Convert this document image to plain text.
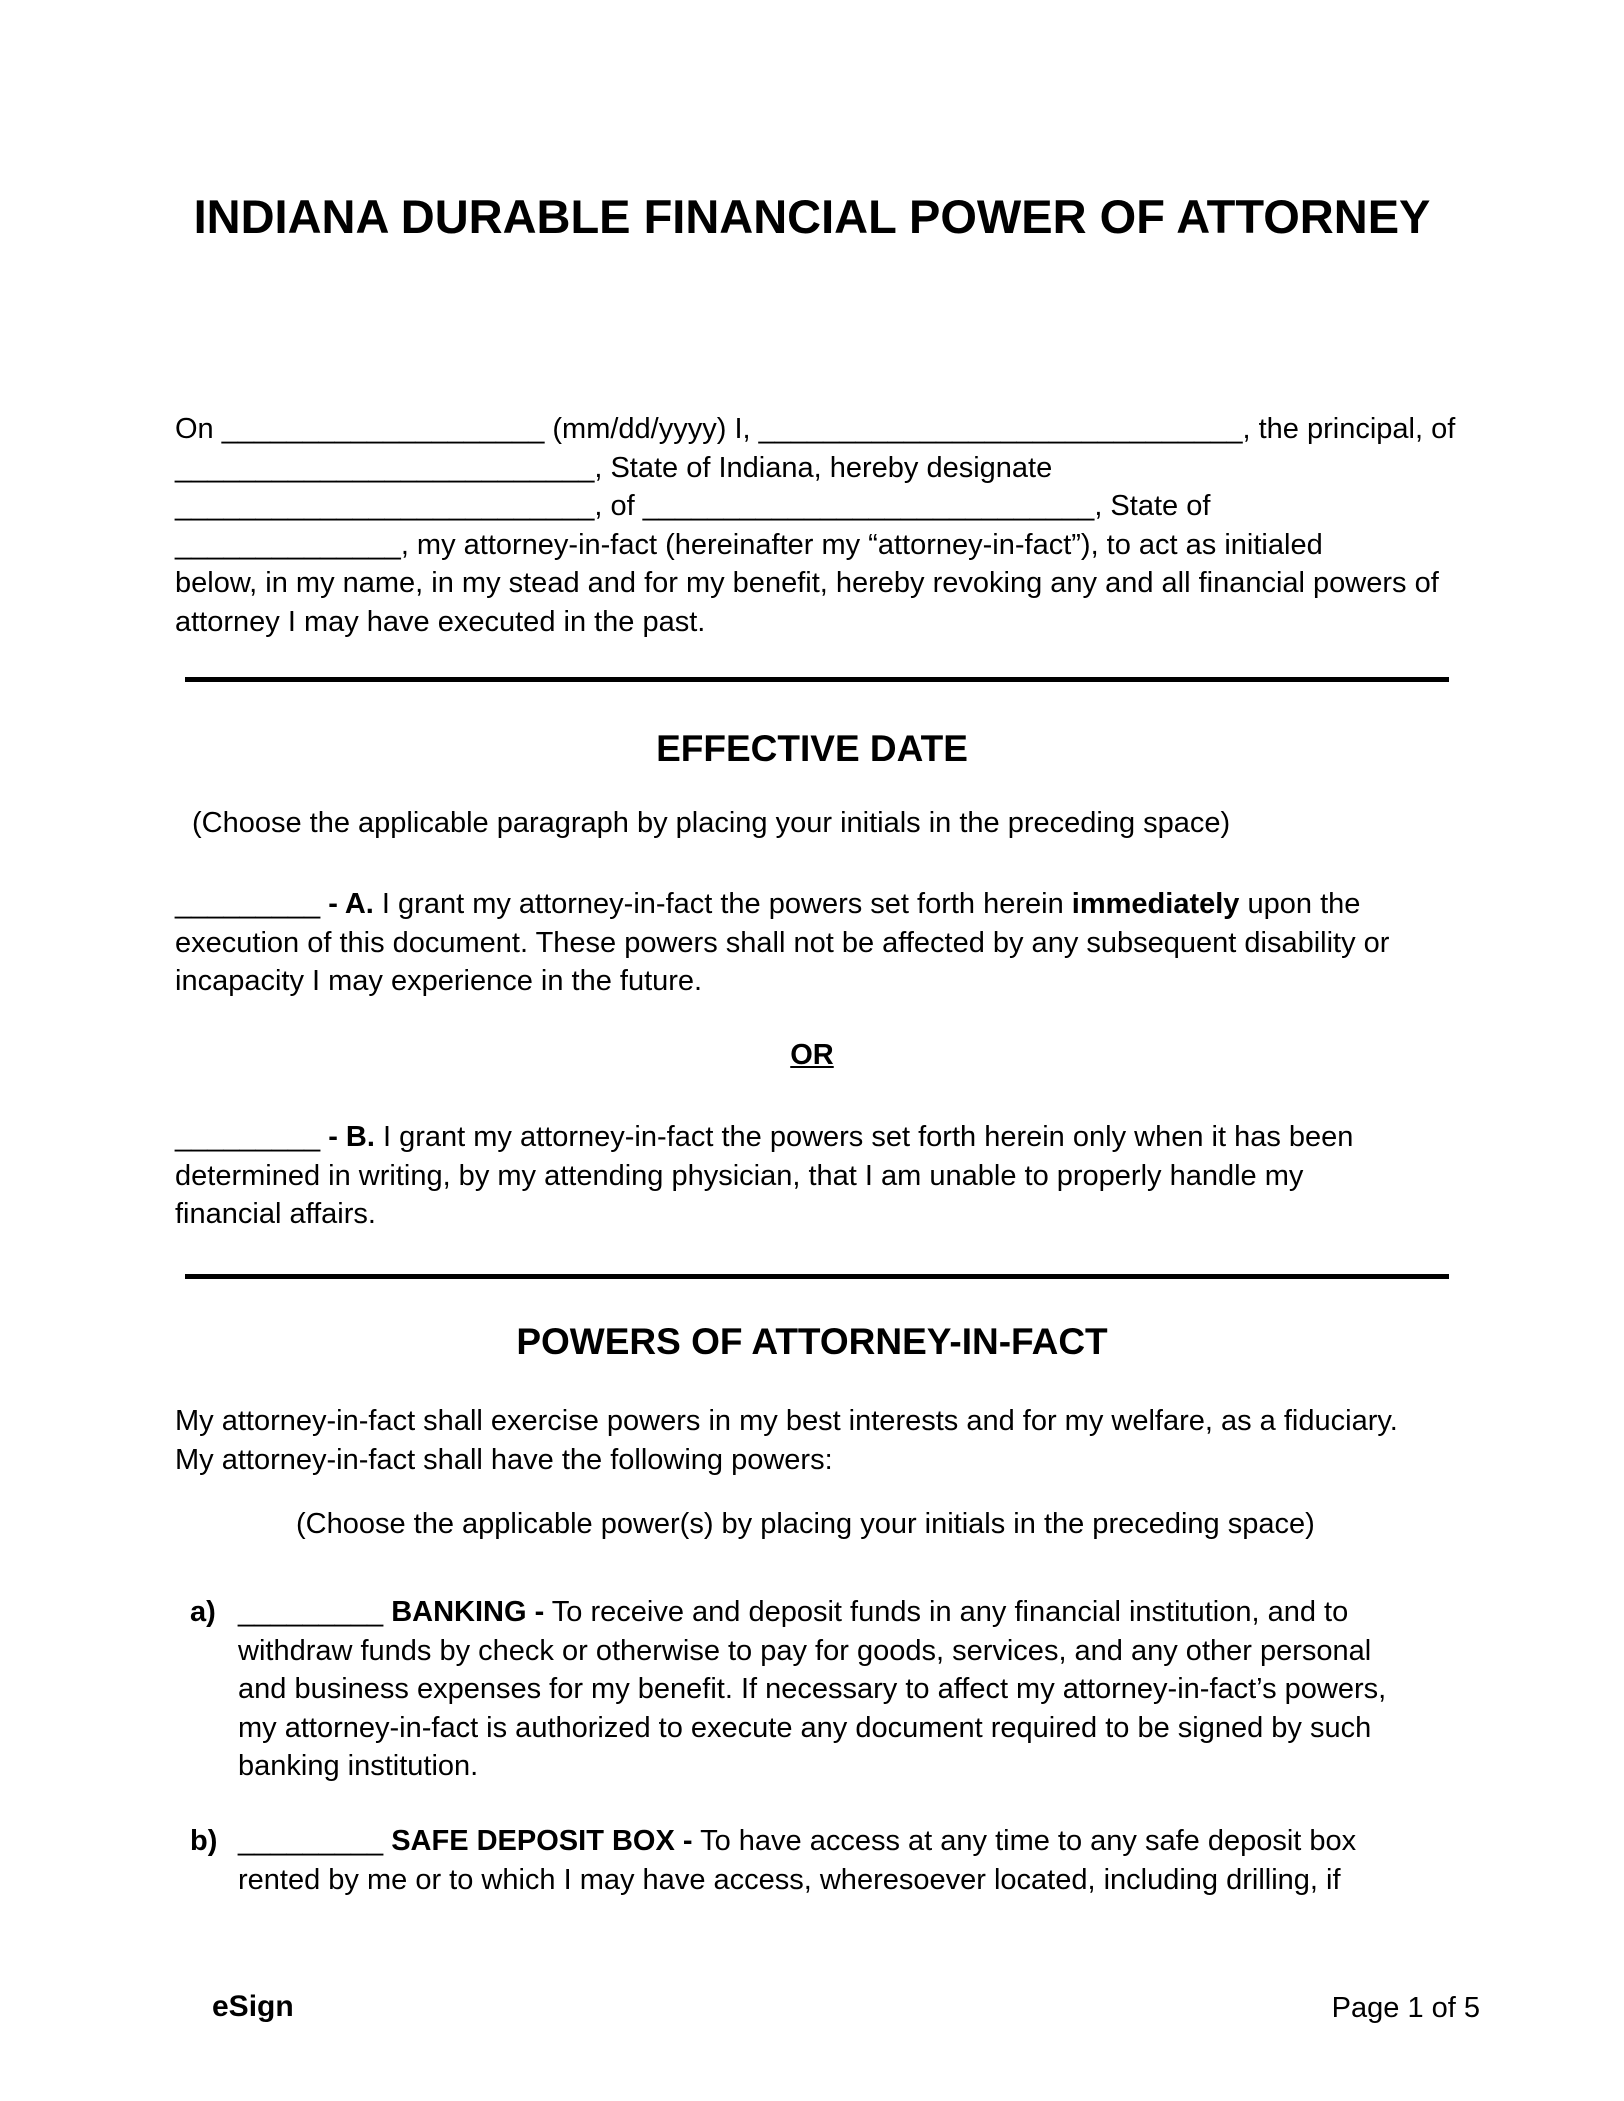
INDIANA DURABLE FINANCIAL POWER OF ATTORNEY
On ____________________ (mm/dd/yyyy) I, ______________________________, the principal, of
__________________________, State of Indiana, hereby designate
__________________________, of ____________________________, State of
______________, my attorney-in-fact (hereinafter my “attorney-in-fact”), to act as initialed
below, in my name, in my stead and for my benefit, hereby revoking any and all financial powers of
attorney I may have executed in the past.
EFFECTIVE DATE
(Choose the applicable paragraph by placing your initials in the preceding space)
_________ - A. I grant my attorney-in-fact the powers set forth herein immediately upon the
execution of this document. These powers shall not be affected by any subsequent disability or
incapacity I may experience in the future.
OR
_________ - B. I grant my attorney-in-fact the powers set forth herein only when it has been
determined in writing, by my attending physician, that I am unable to properly handle my
financial affairs.
POWERS OF ATTORNEY-IN-FACT
My attorney-in-fact shall exercise powers in my best interests and for my welfare, as a fiduciary.
My attorney-in-fact shall have the following powers:
(Choose the applicable power(s) by placing your initials in the preceding space)
a) _________ BANKING - To receive and deposit funds in any financial institution, and to
withdraw funds by check or otherwise to pay for goods, services, and any other personal
and business expenses for my benefit. If necessary to affect my attorney-in-fact’s powers,
my attorney-in-fact is authorized to execute any document required to be signed by such
banking institution.
b) _________ SAFE DEPOSIT BOX - To have access at any time to any safe deposit box
rented by me or to which I may have access, wheresoever located, including drilling, if
eSign	Page 1 of 5
